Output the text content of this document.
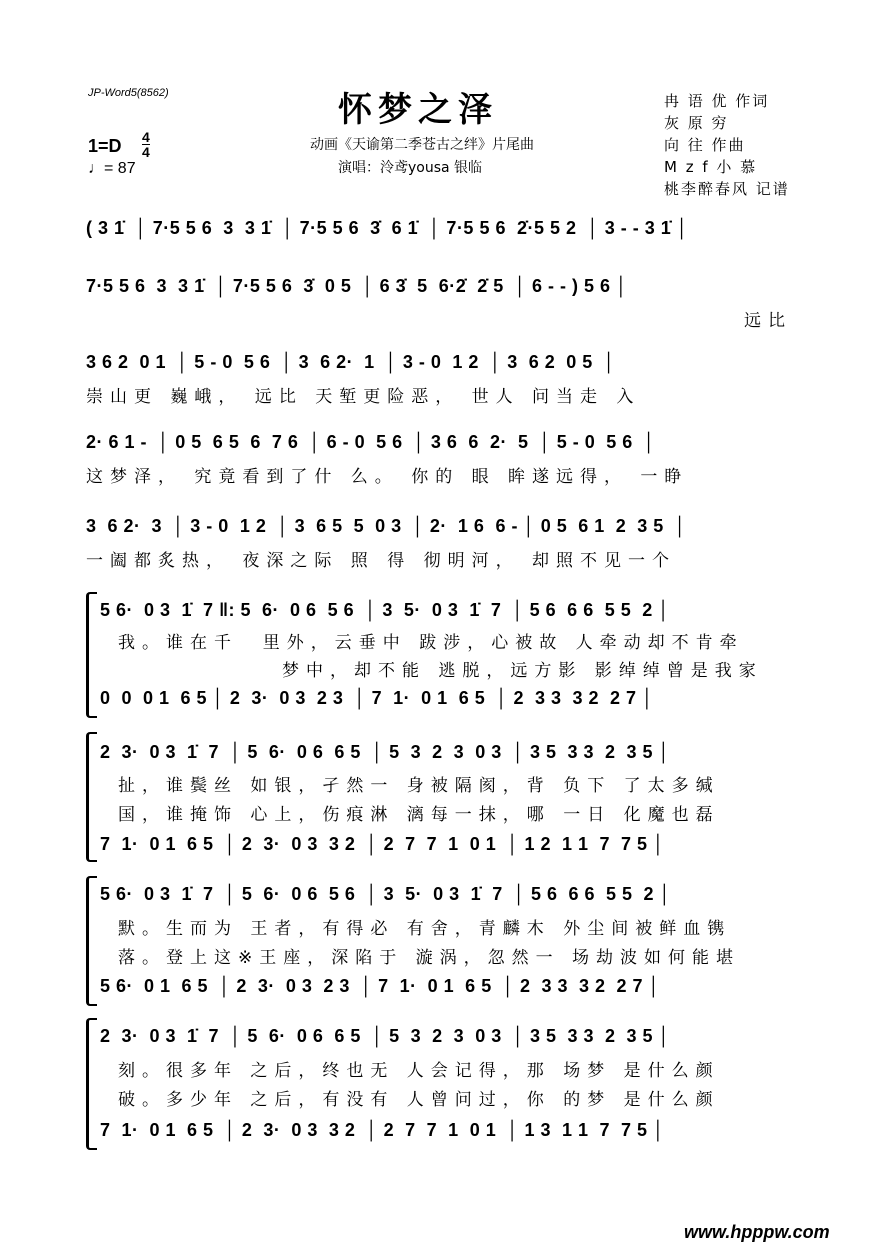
JP-Word5(8562)	怀梦之泽
动画《天谕第二季苍古之绊》片尾曲
演唱：泠鸢yousa 银临
1=D 4
4
♩= 87
冉 语 优 作词
灰 原 穷
向 往 作曲
M z f 小 慕
桃李醉春风 记谱
( 3 1̇  │ 7·5 5 6  3  3 1̇  │ 7·5 5 6  3̇  6 1̇  │ 7·5 5 6  2̇·5 5 2  │ 3 - - 3 1̇ │
7·5 5 6  3  3 1̇  │ 7·5 5 6  3̇  0 5  │ 6 3̇  5  6·2̇  2̇ 5  │ 6 - - ) 5 6 │
远比
3 6 2  0 1  │ 5 - 0  5 6  │ 3  6 2·  1  │ 3 - 0  1 2  │ 3  6 2  0 5  │
崇山更 巍峨， 远比 天堑更险恶， 世人 问当走 入
2· 6 1 -  │ 0 5  6 5  6  7 6  │ 6 - 0  5 6  │ 3 6  6  2·  5  │ 5 - 0  5 6  │
这梦泽， 究竟看到了什 么。 你的 眼 眸遂远得， 一睁
3  6 2·  3  │ 3 - 0  1 2  │ 3  6 5  5  0 3  │ 2·  1 6  6 - │ 0 5  6 1  2  3 5  │
一阖都炙热， 夜深之际 照 得 彻明河， 却照不见一个
5 6·  0 3  1̇  7 ‖: 5  6·  0 6  5 6  │ 3  5·  0 3  1̇  7  │ 5 6  6 6  5 5  2 │
我。谁在千  里外，云垂中 跋涉，心被故 人牵动却不肯牵
梦中，却不能 逃脱，远方影 影绰绰曾是我家
0  0  0 1  6 5 │ 2  3·  0 3  2 3  │ 7  1·  0 1  6 5  │ 2  3 3  3 2  2 7 │
2  3·  0 3  1̇  7  │ 5  6·  0 6  6 5  │ 5  3  2  3  0 3  │ 3 5  3 3  2  3 5 │
扯，谁鬓丝 如银，孑然一 身被隔阂，背 负下 了太多缄
国，谁掩饰 心上，伤痕淋 漓每一抹，哪 一日 化魔也磊
7  1·  0 1  6 5  │ 2  3·  0 3  3 2  │ 2  7  7  1  0 1  │ 1 2  1 1  7  7 5 │
5 6·  0 3  1̇  7  │ 5  6·  0 6  5 6  │ 3  5·  0 3  1̇  7  │ 5 6  6 6  5 5  2 │
默。生而为 王者，有得必 有舍，青麟木 外尘间被鲜血镌
落。登上这※王座，深陷于 漩涡，忽然一 场劫波如何能堪
5 6·  0 1  6 5  │ 2  3·  0 3  2 3  │ 7  1·  0 1  6 5  │ 2  3 3  3 2  2 7 │
2  3·  0 3  1̇  7  │ 5  6·  0 6  6 5  │ 5  3  2  3  0 3  │ 3 5  3 3  2  3 5 │
刻。很多年 之后，终也无 人会记得，那 场梦 是什么颜
破。多少年 之后，有没有 人曾问过，你 的梦 是什么颜
7  1·  0 1  6 5  │ 2  3·  0 3  3 2  │ 2  7  7  1  0 1  │ 1 3  1 1  7  7 5 │
www.hpppw.com
